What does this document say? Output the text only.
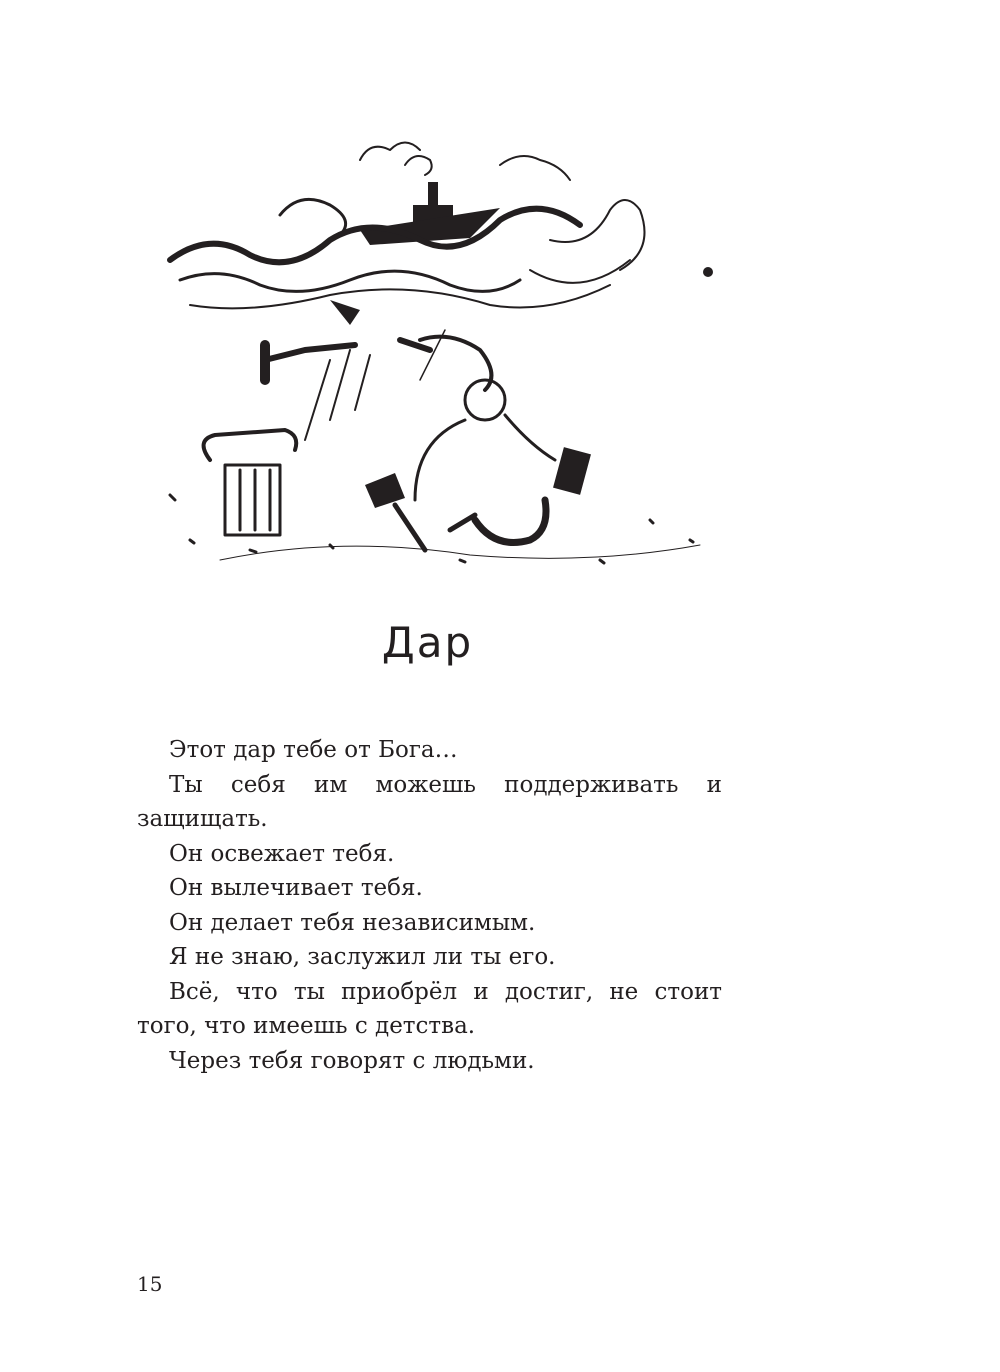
Дар

Этот дар тебе от Бога…

Ты себя им можешь поддерживать и защищать.

Он освежает тебя.

Он вылечивает тебя.

Он делает тебя независимым.

Я не знаю, заслужил ли ты его.

Всё, что ты приобрёл и достиг, не стоит того, что имеешь с детства.

Через тебя говорят с людьми.

15
